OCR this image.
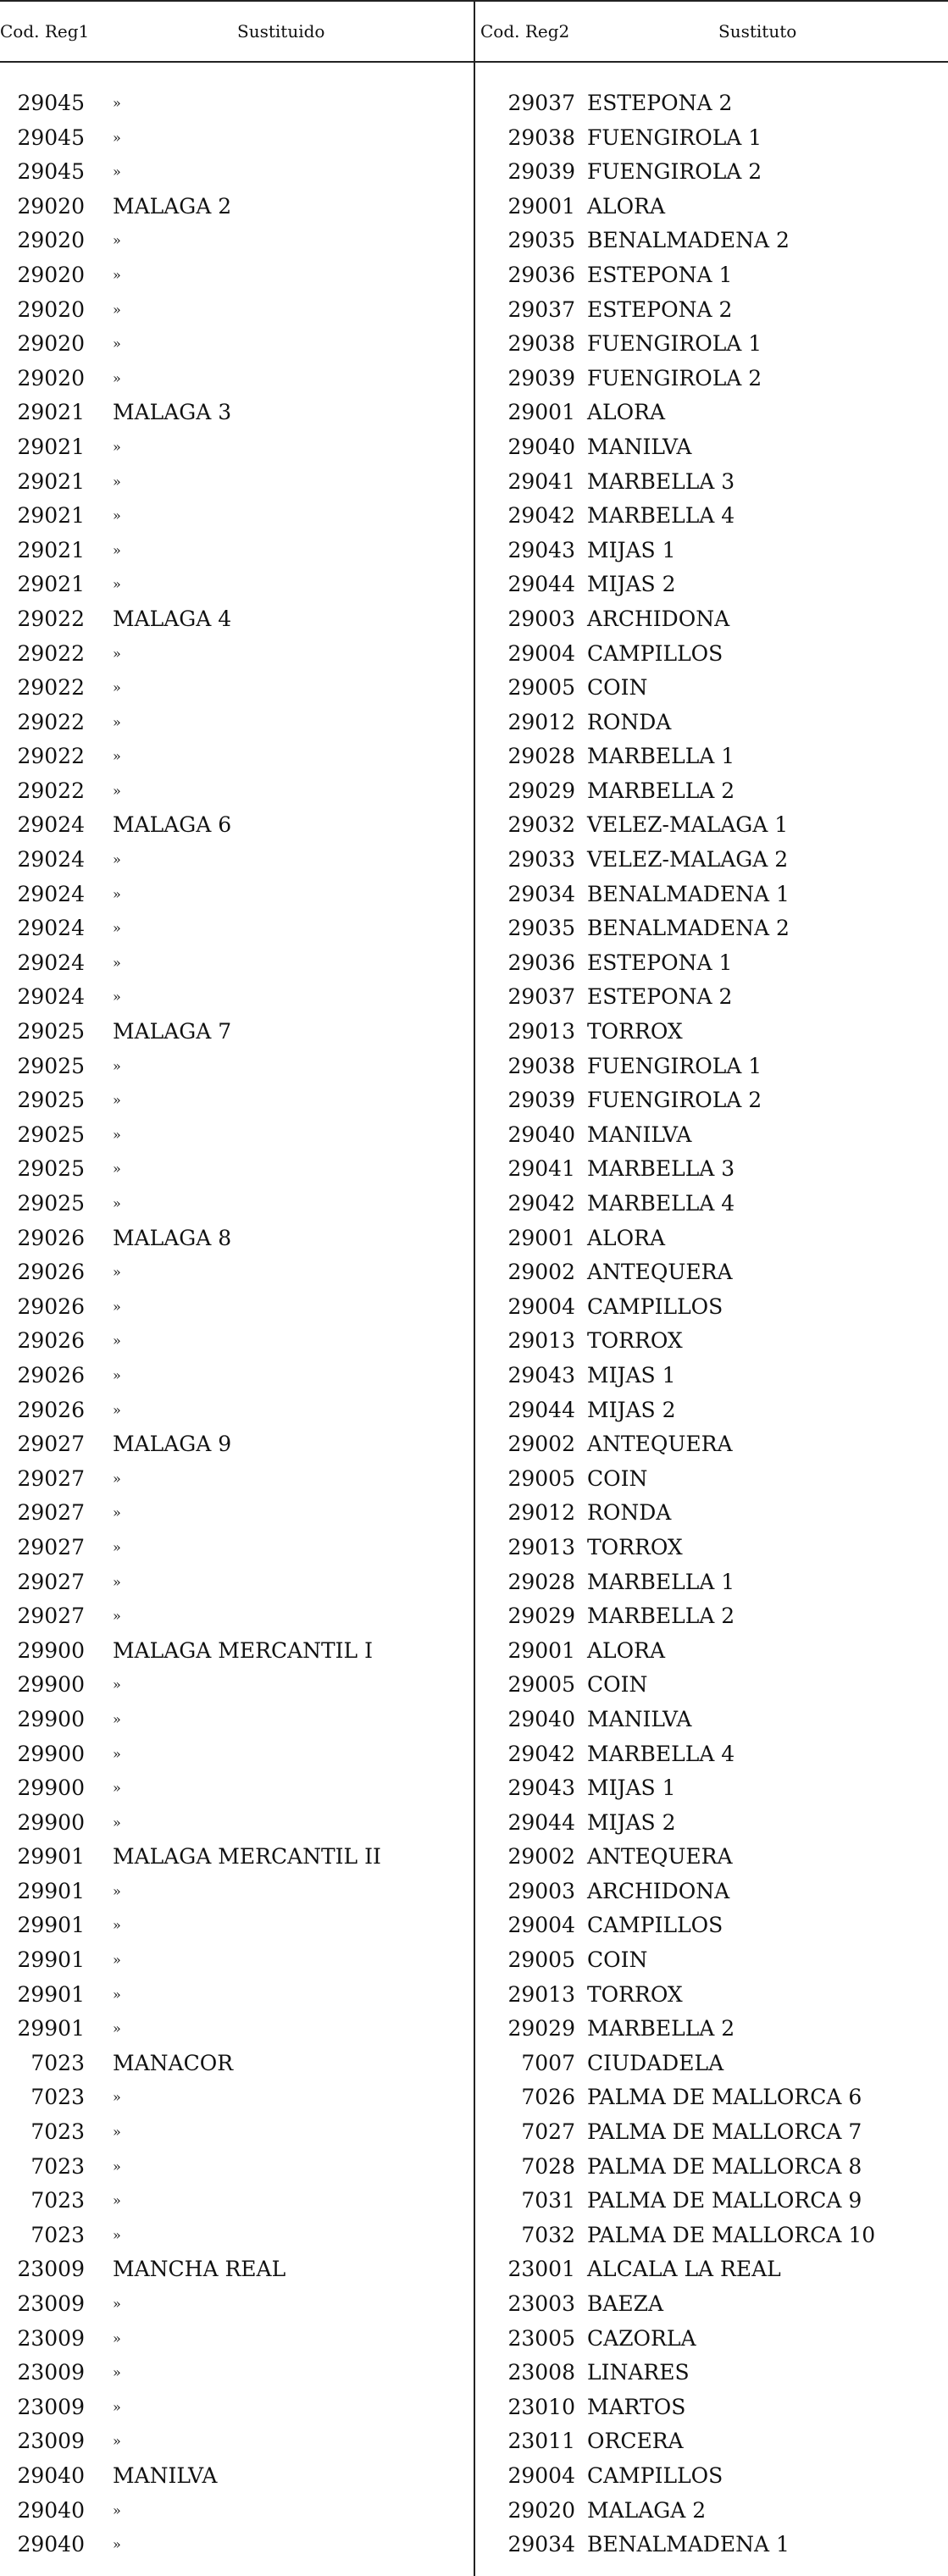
Cod. Reg1	Sustituido	Cod. Reg2	Sustituto
29045 »	29037 ESTEPONA 2
29045 »	29038 FUENGIROLA 1
29045 »	29039 FUENGIROLA 2
29020 MALAGA 2	29001 ALORA
29020 »	29035 BENALMADENA 2
29020 »	29036 ESTEPONA 1
29020 »	29037 ESTEPONA 2
29020 »	29038 FUENGIROLA 1
29020 »	29039 FUENGIROLA 2
29021 MALAGA 3	29001 ALORA
29021 »	29040 MANILVA
29021 »	29041 MARBELLA 3
29021 »	29042 MARBELLA 4
29021 »	29043 MIJAS 1
29021 »	29044 MIJAS 2
29022 MALAGA 4	29003 ARCHIDONA
29022 »	29004 CAMPILLOS
29022 »	29005 COIN
29022 »	29012 RONDA
29022 »	29028 MARBELLA 1
29022 »	29029 MARBELLA 2
29024 MALAGA 6	29032 VELEZ-MALAGA 1
29024 »	29033 VELEZ-MALAGA 2
29024 »	29034 BENALMADENA 1
29024 »	29035 BENALMADENA 2
29024 »	29036 ESTEPONA 1
29024 »	29037 ESTEPONA 2
29025 MALAGA 7	29013 TORROX
29025 »	29038 FUENGIROLA 1
29025 »	29039 FUENGIROLA 2
29025 »	29040 MANILVA
29025 »	29041 MARBELLA 3
29025 »	29042 MARBELLA 4
29026 MALAGA 8	29001 ALORA
29026 »	29002 ANTEQUERA
29026 »	29004 CAMPILLOS
29026 »	29013 TORROX
29026 »	29043 MIJAS 1
29026 »	29044 MIJAS 2
29027 MALAGA 9	29002 ANTEQUERA
29027 »	29005 COIN
29027 »	29012 RONDA
29027 »	29013 TORROX
29027 »	29028 MARBELLA 1
29027 »	29029 MARBELLA 2
29900 MALAGA MERCANTIL I	29001 ALORA
29900 »	29005 COIN
29900 »	29040 MANILVA
29900 »	29042 MARBELLA 4
29900 »	29043 MIJAS 1
29900 »	29044 MIJAS 2
29901 MALAGA MERCANTIL II	29002 ANTEQUERA
29901 »	29003 ARCHIDONA
29901 »	29004 CAMPILLOS
29901 »	29005 COIN
29901 »	29013 TORROX
29901 »	29029 MARBELLA 2
7023 MANACOR	7007 CIUDADELA
7023 »	7026 PALMA DE MALLORCA 6
7023 »	7027 PALMA DE MALLORCA 7
7023 »	7028 PALMA DE MALLORCA 8
7023 »	7031 PALMA DE MALLORCA 9
7023 »	7032 PALMA DE MALLORCA 10
23009 MANCHA REAL	23001 ALCALA LA REAL
23009 »	23003 BAEZA
23009 »	23005 CAZORLA
23009 »	23008 LINARES
23009 »	23010 MARTOS
23009 »	23011 ORCERA
29040 MANILVA	29004 CAMPILLOS
29040 »	29020 MALAGA 2
29040 »	29034 BENALMADENA 1
